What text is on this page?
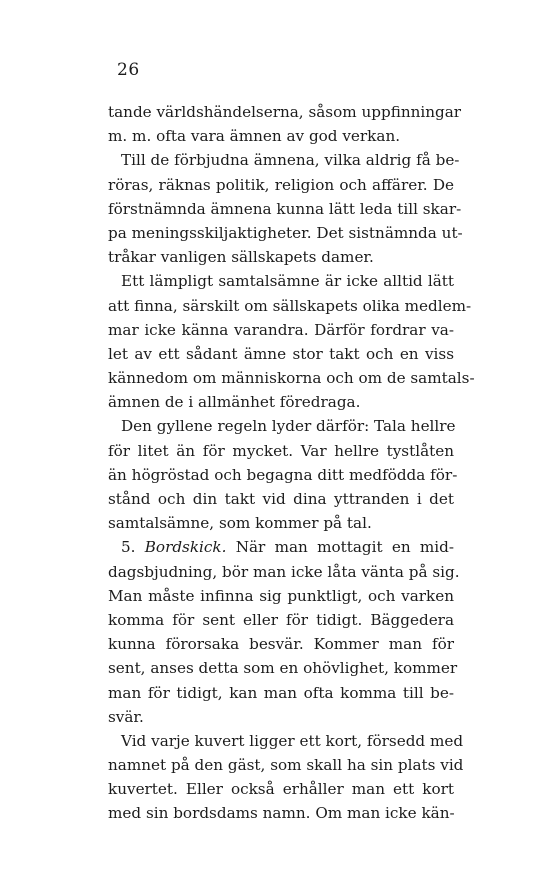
26
tande världshändelserna, såsom uppfinningar
m. m. ofta vara ämnen av god verkan.
Till de förbjudna ämnena, vilka aldrig få be-
röras, räknas politik, religion och affärer. De
förstnämnda ämnena kunna lätt leda till skar-
pa meningsskiljaktigheter. Det sistnämnda ut-
tråkar vanligen sällskapets damer.
Ett lämpligt samtalsämne är icke alltid lätt
att finna, särskilt om sällskapets olika medlem-
mar icke känna varandra. Därför fordrar va-
let av ett sådant ämne stor takt och en viss
kännedom om människorna och om de samtals-
ämnen de i allmänhet föredraga.
Den gyllene regeln lyder därför: Tala hellre
för litet än för mycket. Var hellre tystlåten
än högröstad och begagna ditt medfödda för-
stånd och din takt vid dina yttranden i det
samtalsämne, som kommer på tal.
5. Bordskick. När man mottagit en mid-
dagsbjudning, bör man icke låta vänta på sig.
Man måste infinna sig punktligt, och varken
komma för sent eller för tidigt. Bäggedera
kunna förorsaka besvär. Kommer man för
sent, anses detta som en ohövlighet, kommer
man för tidigt, kan man ofta komma till be-
svär.
Vid varje kuvert ligger ett kort, försedd med
namnet på den gäst, som skall ha sin plats vid
kuvertet. Eller också erhåller man ett kort
med sin bordsdams namn. Om man icke kän-
